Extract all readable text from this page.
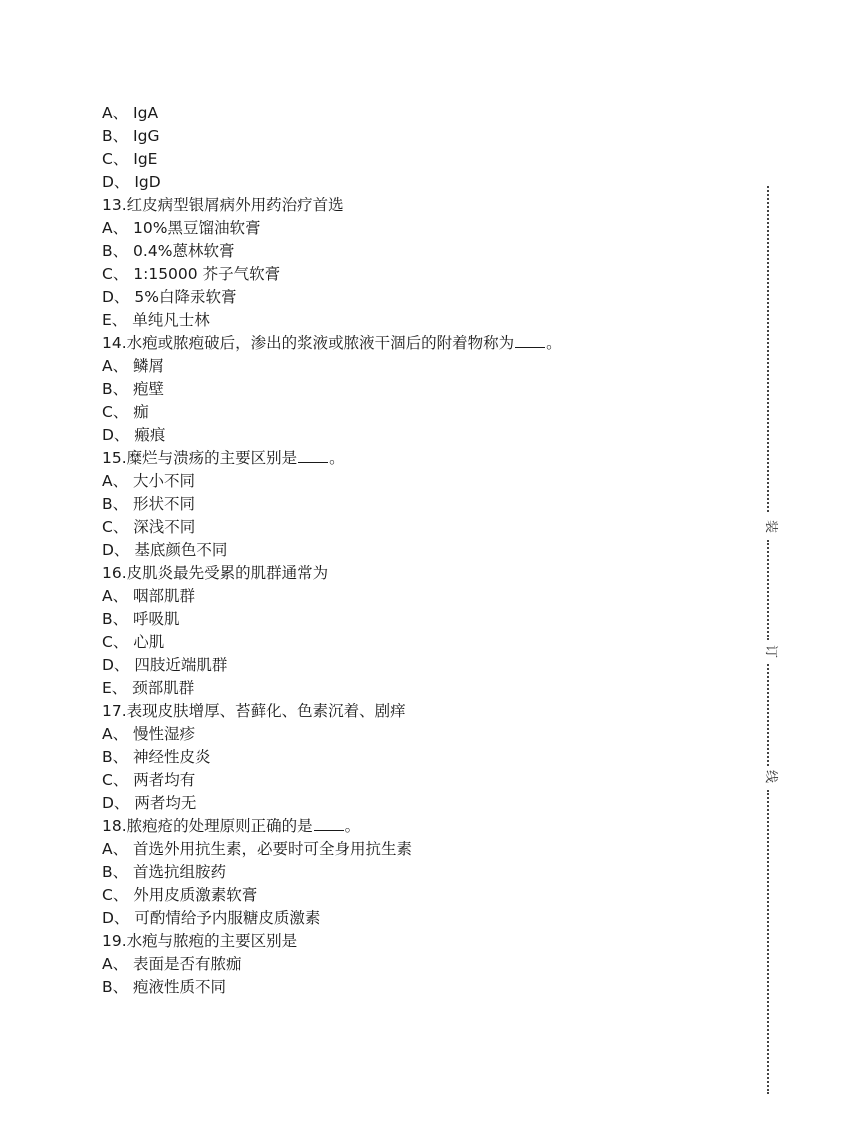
A、 IgA
B、 IgG
C、 IgE
D、 IgD
13.红皮病型银屑病外用药治疗首选
A、 10%黑豆馏油软膏
B、 0.4%蒽林软膏
C、 1:15000 芥子气软膏
D、 5%白降汞软膏
E、 单纯凡士林
14.水疱或脓疱破后，渗出的浆液或脓液干涸后的附着物称为 。
A、 鳞屑
B、 疱壁
C、 痂
D、 瘢痕
15.糜烂与溃疡的主要区别是 。
A、 大小不同
B、 形状不同
C、 深浅不同
D、 基底颜色不同
16.皮肌炎最先受累的肌群通常为
A、 咽部肌群
B、 呼吸肌
C、 心肌
D、 四肢近端肌群
E、 颈部肌群
17.表现皮肤增厚、苔藓化、色素沉着、剧痒
A、 慢性湿疹
B、 神经性皮炎
C、 两者均有
D、 两者均无
18.脓疱疮的处理原则正确的是 。
A、 首选外用抗生素，必要时可全身用抗生素
B、 首选抗组胺药
C、 外用皮质激素软膏
D、 可酌情给予内服糖皮质激素
19.水疱与脓疱的主要区别是
A、 表面是否有脓痂
B、 疱液性质不同
装
订
线
